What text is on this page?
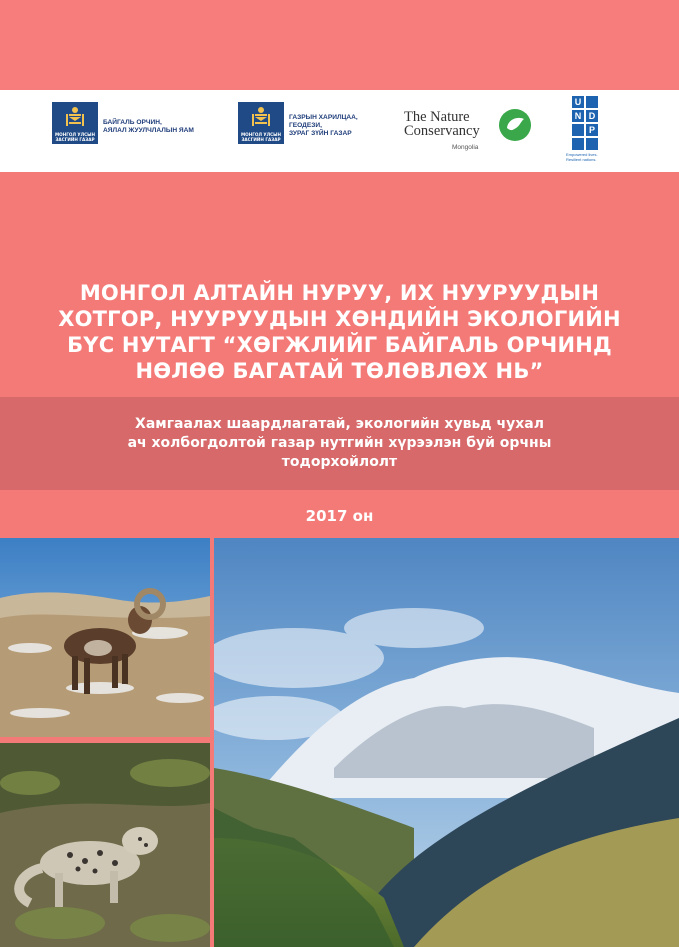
МОНГОЛ УЛСЫН
ЗАСГИЙН ГАЗАР
БАЙГАЛЬ ОРЧИН,
АЯЛАЛ ЖУУЛЧЛАЛЫН ЯАМ
МОНГОЛ УЛСЫН
ЗАСГИЙН ГАЗАР
ГАЗРЫН ХАРИЛЦАА,
ГЕОДЕЗИ,
ЗУРАГ ЗҮЙН ГАЗАР
The Nature
Conservancy
Mongolia
U
N D
P
Empowered lives.
Resilient nations.
МОНГОЛ АЛТАЙН НУРУУ, ИХ НУУРУУДЫН
ХОТГОР, НУУРУУДЫН ХӨНДИЙН ЭКОЛОГИЙН
БҮС НУТАГТ “ХӨГЖЛИЙГ БАЙГАЛЬ ОРЧИНД
НӨЛӨӨ БАГАТАЙ ТӨЛӨВЛӨХ НЬ”
Хамгаалах шаардлагатай, экологийн хувьд чухал
ач холбогдолтой газар нутгийн хүрээлэн буй орчны
тодорхойлолт
2017 он
